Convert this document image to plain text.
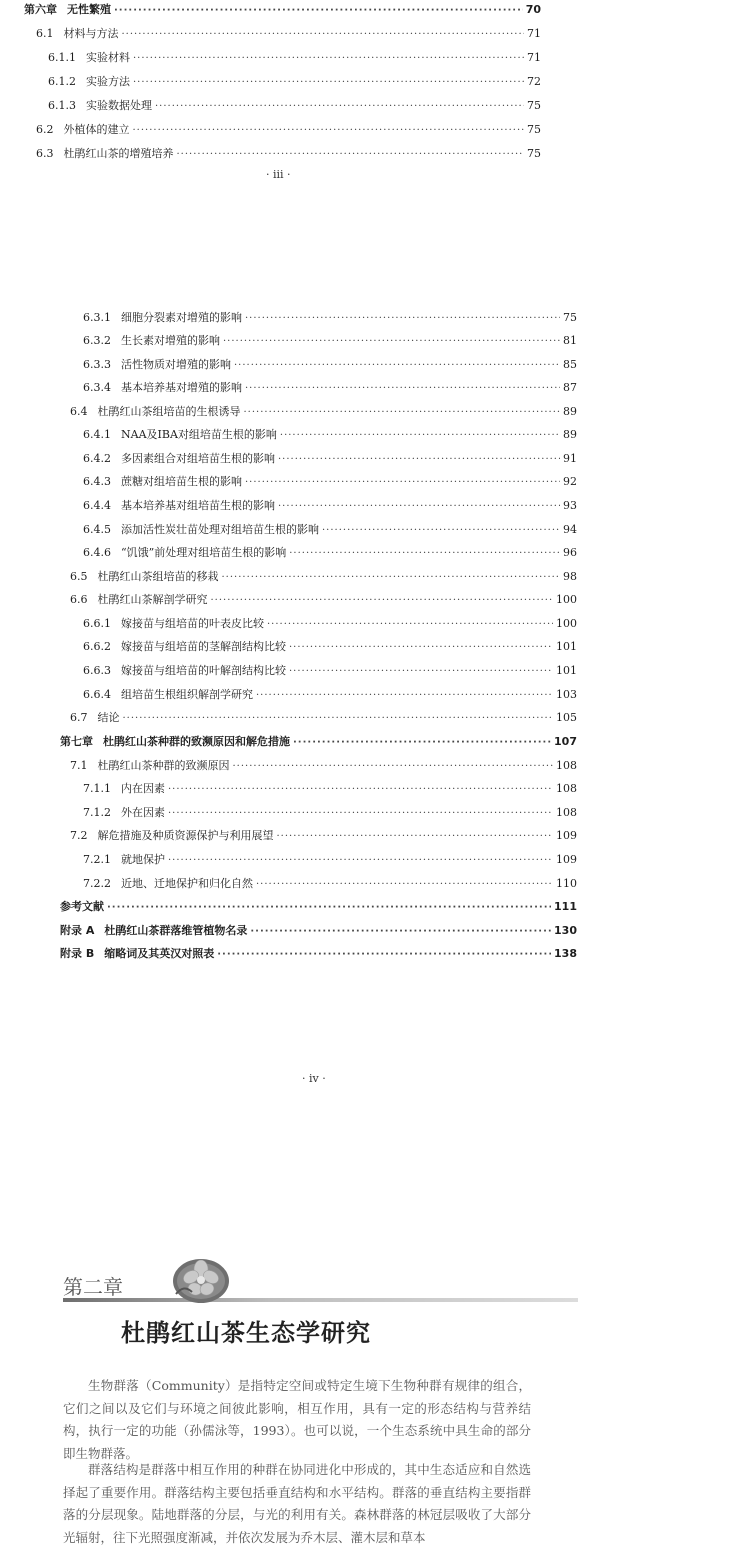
第六章 无性繁殖 ·····	70
6.1 材料与方法 ·····	71
6.1.1 实验材料 ·····	71
6.1.2 实验方法 ·····	72
6.1.3 实验数据处理 ·····	75
6.2 外植体的建立 ·····	75
6.3 杜鹃红山茶的增殖培养 ·····	75
· iii ·
6.3.1 细胞分裂素对增殖的影响 ·····	75
6.3.2 生长素对增殖的影响 ·····	81
6.3.3 活性物质对增殖的影响 ·····	85
6.3.4 基本培养基对增殖的影响 ·····	87
6.4 杜鹃红山茶组培苗的生根诱导 ·····	89
6.4.1 NAA及IBA对组培苗生根的影响 ·····	89
6.4.2 多因素组合对组培苗生根的影响 ·····	91
6.4.3 蔗糖对组培苗生根的影响 ·····	92
6.4.4 基本培养基对组培苗生根的影响 ·····	93
6.4.5 添加活性炭壮苗处理对组培苗生根的影响 ·····	94
6.4.6 “饥饿”前处理对组培苗生根的影响 ·····	96
6.5 杜鹃红山茶组培苗的移栽 ·····	98
6.6 杜鹃红山茶解剖学研究 ·····	100
6.6.1 嫁接苗与组培苗的叶表皮比较 ·····	100
6.6.2 嫁接苗与组培苗的茎解剖结构比较 ·····	101
6.6.3 嫁接苗与组培苗的叶解剖结构比较 ·····	101
6.6.4 组培苗生根组织解剖学研究 ·····	103
6.7 结论 ·····	105
第七章 杜鹃红山茶种群的致濒原因和解危措施 ·····	107
7.1 杜鹃红山茶种群的致濒原因 ·····	108
7.1.1 内在因素 ·····	108
7.1.2 外在因素 ·····	108
7.2 解危措施及种质资源保护与利用展望 ·····	109
7.2.1 就地保护 ·····	109
7.2.2 近地、迁地保护和归化自然 ·····	110
参考文献 ·····	111
附录 A 杜鹃红山茶群落维管植物名录 ·····	130
附录 B 缩略词及其英汉对照表 ·····	138
· iv ·
第二章
杜鹃红山茶生态学研究
生物群落（Community）是指特定空间或特定生境下生物种群有规律的组合，它们之间以及它们与环境之间彼此影响，相互作用，具有一定的形态结构与营养结构，执行一定的功能（孙儒泳等，1993）。也可以说，一个生态系统中具生命的部分即生物群落。
群落结构是群落中相互作用的种群在协同进化中形成的，其中生态适应和自然选择起了重要作用。群落结构主要包括垂直结构和水平结构。群落的垂直结构主要指群落的分层现象。陆地群落的分层，与光的利用有关。森林群落的林冠层吸收了大部分光辐射，往下光照强度渐减，并依次发展为乔木层、灌木层和草本
